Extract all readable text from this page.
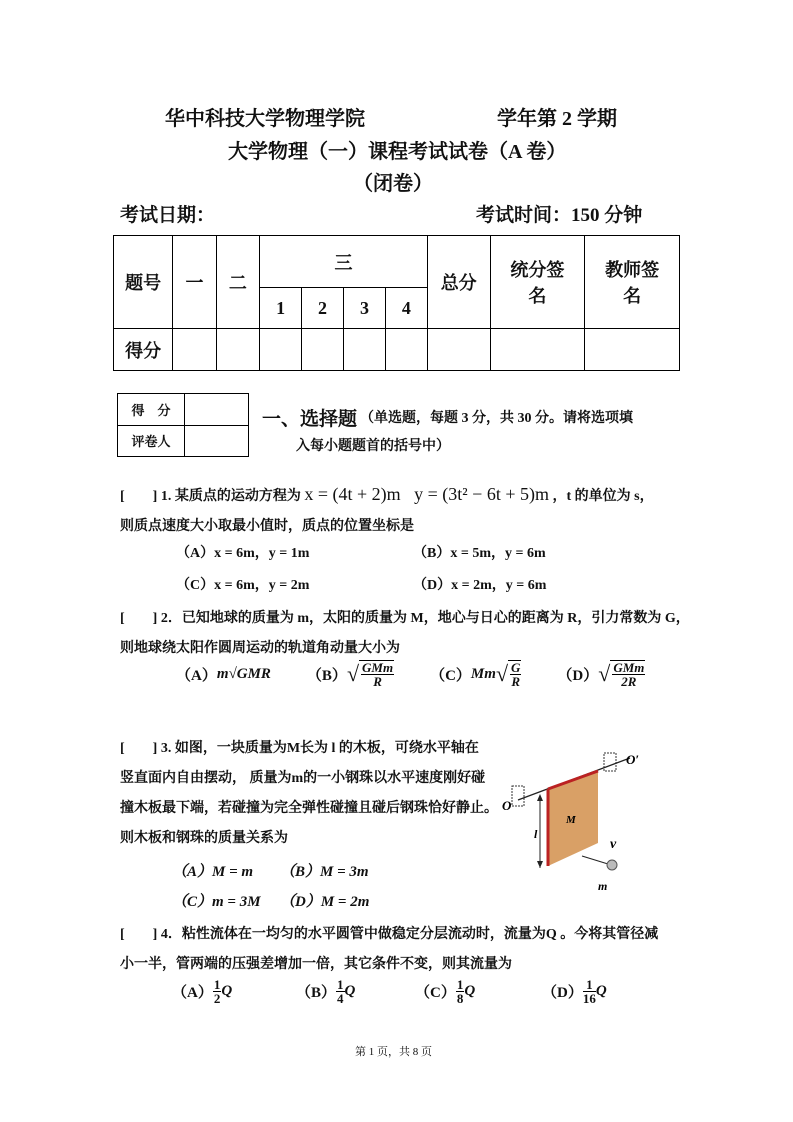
华中科技大学物理学院	学年第 2 学期
大学物理（一）课程考试试卷（A 卷）
（闭卷）
考试日期：	考试时间：150 分钟
题号	一	二	三				总分	统分签名	教师签名
			1	2	3	4			
得分									
得　分	
评卷人	
一、选择题 （单选题，每题 3 分，共 30 分。请将选项填
入每小题题首的括号中）
[　　] 1. 某质点的运动方程为 x = (4t + 2)m y = (3t² − 6t + 5)m ，t 的单位为 s，
则质点速度大小取最小值时，质点的位置坐标是
（A）x = 6m，y = 1m	（B）x = 5m，y = 6m
（C）x = 6m，y = 2m	（D）x = 2m，y = 6m
[　　] 2．已知地球的质量为 m，太阳的质量为 M，地心与日心的距离为 R，引力常数为 G，
则地球绕太阳作圆周运动的轨道角动量大小为
（A） m√GMR （B） √ $\frac{\text{GMm}}{R} (C)$ Mm √ $\frac{G}{R} (D)$ √ $\frac{\text{GMm}}{2R}$
[　　] 3. 如图，一块质量为M长为 l 的木板，可绕水平轴在
竖直面内自由摆动， 质量为m的一小钢珠以水平速度刚好碰
撞木板最下端，若碰撞为完全弹性碰撞且碰后钢珠恰好静止。
则木板和钢珠的质量关系为
（A）M = m （B）M = 3m
（C）m = 3M （D）M = 2m
O
O′
M
l
v
m
[　　] 4．粘性流体在一均匀的水平圆管中做稳定分层流动时，流量为Q 。今将其管径减
小一半，管两端的压强差增加一倍，其它条件不变，则其流量为
$(A) \frac{1}{2}$ Q	$(B) \frac{1}{4}$ Q	$(C) \frac{1}{8}$ Q	$(D) \frac{1}{16}$ Q
第 1 页，共 8 页
